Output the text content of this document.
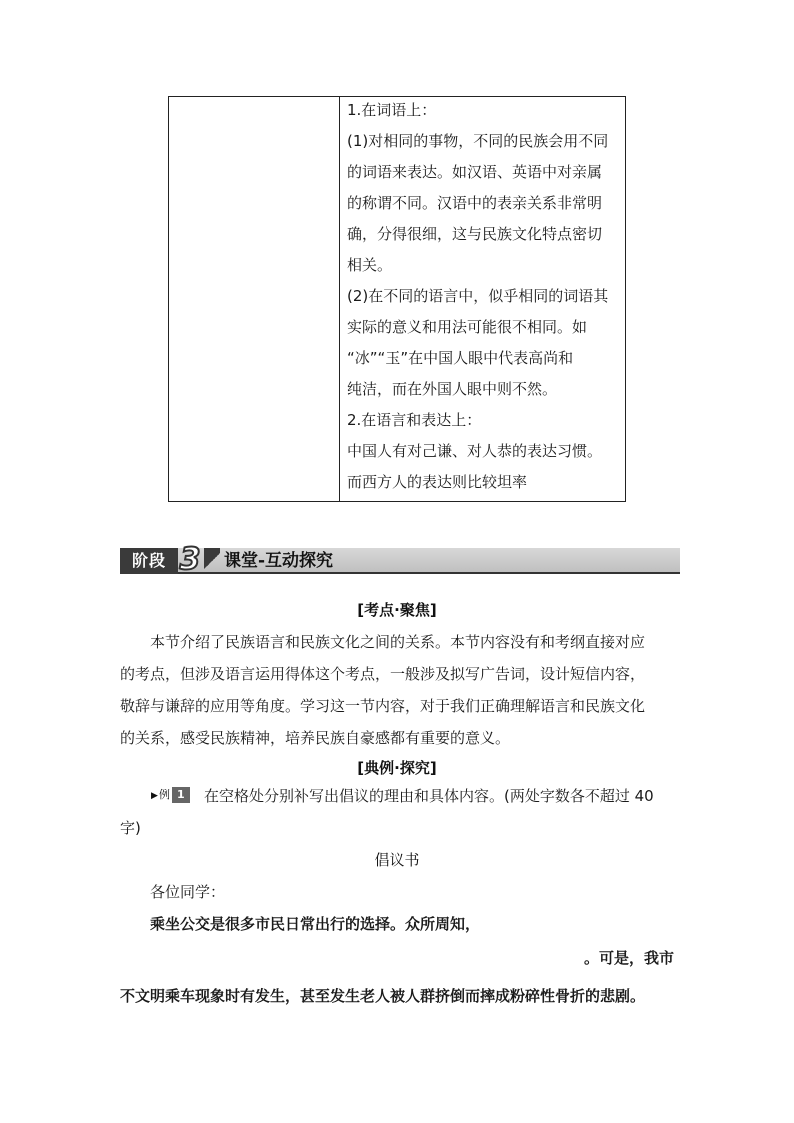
1.在词语上：
(1)对相同的事物，不同的民族会用不同
的词语来表达。如汉语、英语中对亲属
的称谓不同。汉语中的表亲关系非常明
确，分得很细，这与民族文化特点密切
相关。
(2)在不同的语言中，似乎相同的词语其
实际的意义和用法可能很不相同。如
“冰”“玉”在中国人眼中代表高尚和
纯洁，而在外国人眼中则不然。
2.在语言和表达上：
中国人有对己谦、对人恭的表达习惯。
而西方人的表达则比较坦率
阶段 3 课堂-互动探究
[考点·聚焦]
本节介绍了民族语言和民族文化之间的关系。本节内容没有和考纲直接对应
的考点，但涉及语言运用得体这个考点，一般涉及拟写广告词，设计短信内容，
敬辞与谦辞的应用等角度。学习这一节内容，对于我们正确理解语言和民族文化
的关系，感受民族精神，培养民族自豪感都有重要的意义。
[典例·探究]
▶例 1	在空格处分别补写出倡议的理由和具体内容。(两处字数各不超过 40
字)
倡议书
各位同学：
乘坐公交是很多市民日常出行的选择。众所周知，
。可是，我市
不文明乘车现象时有发生，甚至发生老人被人群挤倒而摔成粉碎性骨折的悲剧。
